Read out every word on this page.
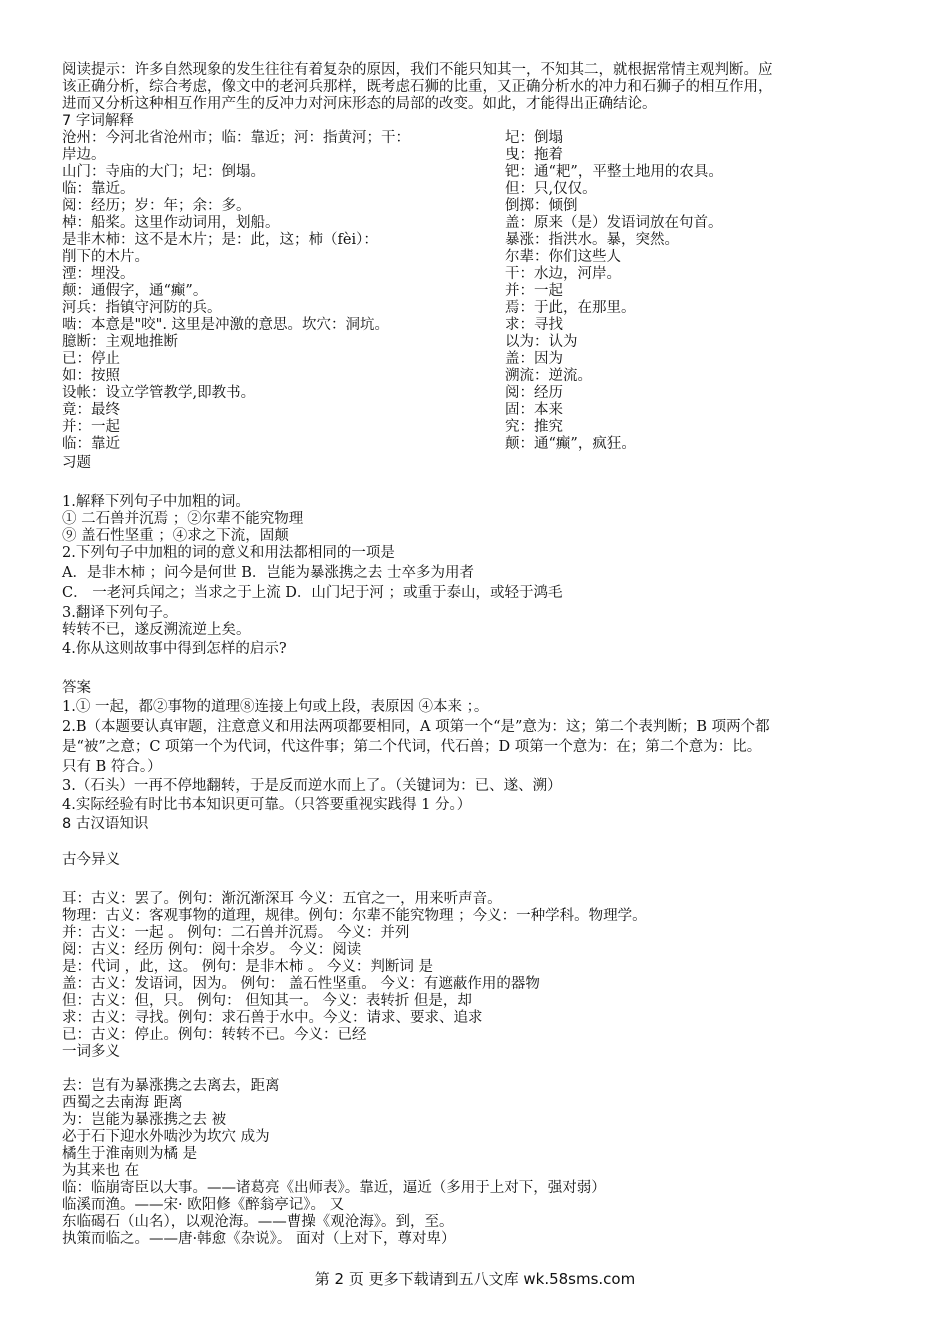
阅读提示：许多自然现象的发生往往有着复杂的原因，我们不能只知其一，不知其二，就根据常情主观判断。应
该正确分析，综合考虑，像文中的老河兵那样，既考虑石狮的比重，又正确分析水的冲力和石狮子的相互作用，
进而又分析这种相互作用产生的反冲力对河床形态的局部的改变。如此，才能得出正确结论。
7 字词解释
沧州：今河北省沧州市；临：靠近；河：指黄河；干：
岸边。
山门：寺庙的大门；圮：倒塌。
临：靠近。
阅：经历；岁：年；余：多。
棹：船桨。这里作动词用，划船。
是非木柿：这不是木片；是：此，这；柿（fèi）：
削下的木片。
湮：埋没。
颠：通假字，通“癫”。
河兵：指镇守河防的兵。
啮：本意是"咬". 这里是冲激的意思。坎穴：洞坑。
臆断：主观地推断
已：停止
如：按照
设帐：设立学管教学,即教书。
竟：最终
并：一起
临：靠近
圮：倒塌
曳：拖着
钯：通“耙”，平整土地用的农具。
但：只,仅仅。
倒掷：倾倒
盖：原来（是）发语词放在句首。
暴涨：指洪水。暴，突然。
尔辈：你们这些人
干：水边，河岸。
并：一起
焉：于此，在那里。
求：寻找
以为：认为
盖：因为
溯流：逆流。
阅：经历
固：本来
究：推究
颠：通“癫”，疯狂。
习题
1.解释下列句子中加粗的词。
① 二石兽并沉焉 ；②尔辈不能究物理
⑨ 盖石性坚重 ；④求之下流，固颠
2.下列句子中加粗的词的意义和用法都相同的一项是
A．是非木柿 ；问今是何世 B．岂能为暴涨携之去 士卒多为用者
C． 一老河兵闻之；当求之于上流 D．山门圮于河 ；或重于泰山，或轻于鸿毛
3.翻译下列句子。
转转不已，遂反溯流逆上矣。
4.你从这则故事中得到怎样的启示?
答案
1.① 一起，都②事物的道理⑧连接上句或上段，表原因 ④本来 ；。
2.B（本题要认真审题，注意意义和用法两项都要相同，A 项第一个“是”意为：这；第二个表判断；B 项两个都
是“被”之意；C 项第一个为代词，代这件事；第二个代词，代石兽；D 项第一个意为：在；第二个意为：比。
只有 B 符合。）
3.（石头）一再不停地翻转，于是反而逆水而上了。（关键词为：已、遂、溯）
4.实际经验有时比书本知识更可靠。（只答要重视实践得 1 分。）
8 古汉语知识
古今异义
耳：古义：罢了。例句：渐沉渐深耳 今义：五官之一，用来听声音。
物理：古义：客观事物的道理，规律。例句：尔辈不能究物理 ；今义：一种学科。物理学。
并：古义：一起 。 例句：二石兽并沉焉。 今义：并列
阅：古义：经历 例句：阅十余岁。 今义：阅读
是：代词 ，此，这。 例句：是非木柿 。 今义：判断词 是
盖：古义：发语词，因为。 例句： 盖石性坚重。 今义：有遮蔽作用的器物
但：古义：但，只。 例句： 但知其一。 今义：表转折 但是，却
求：古义：寻找。例句：求石兽于水中。今义：请求、要求、追求
已：古义：停止。例句：转转不已。今义：已经
一词多义
去：岂有为暴涨携之去离去，距离
西蜀之去南海 距离
为：岂能为暴涨携之去 被
必于石下迎水外啮沙为坎穴 成为
橘生于淮南则为橘 是
为其来也 在
临：临崩寄臣以大事。——诸葛亮《出师表》。靠近，逼近（多用于上对下，强对弱）
临溪而渔。——宋· 欧阳修《醉翁亭记》。 又
东临碣石（山名），以观沧海。——曹操《观沧海》。到，至。
执策而临之。——唐·韩愈《杂说》。 面对（上对下，尊对卑）
第 2 页 更多下载请到五八文库 wk.58sms.com
